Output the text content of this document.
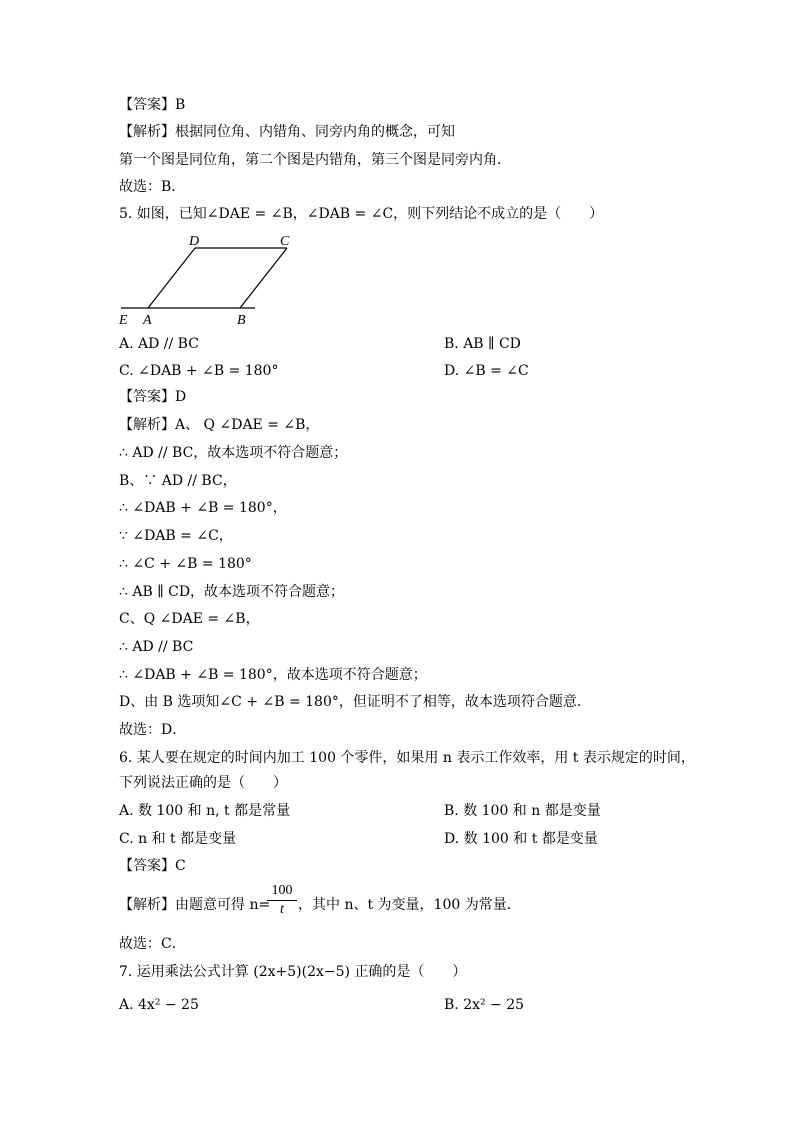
【答案】B
【解析】根据同位角、内错角、同旁内角的概念，可知
第一个图是同位角，第二个图是内错角，第三个图是同旁内角．
故选：B．
5. 如图，已知∠DAE = ∠B，∠DAB = ∠C，则下列结论不成立的是（　　）
D	C
E A	B
A. AD // BC	B. AB ∥ CD
C. ∠DAB + ∠B = 180°	D. ∠B = ∠C
【答案】D
【解析】A、 Q ∠DAE = ∠B，
∴ AD // BC，故本选项不符合题意；
B、∵ AD // BC，
∴ ∠DAB + ∠B = 180°，
∵ ∠DAB = ∠C，
∴ ∠C + ∠B = 180°
∴ AB ∥ CD，故本选项不符合题意；
C、Q ∠DAE = ∠B，
∴ AD // BC
∴ ∠DAB + ∠B = 180°，故本选项不符合题意；
D、由 B 选项知∠C + ∠B = 180°，但证明不了相等，故本选项符合题意．
故选：D．
6. 某人要在规定的时间内加工 100 个零件，如果用 n 表示工作效率，用 t 表示规定的时间，
下列说法正确的是（　　）
A. 数 100 和 n, t 都是常量	B. 数 100 和 n 都是变量
C. n 和 t 都是变量	D. 数 100 和 t 都是变量
【答案】C
【解析】由题意可得 n=
100
t	，其中 n、t 为变量，100 为常量．
故选：C．
7. 运用乘法公式计算 (2x+5)(2x−5) 正确的是（　　）
A. 4x² − 25	B. 2x² − 25
